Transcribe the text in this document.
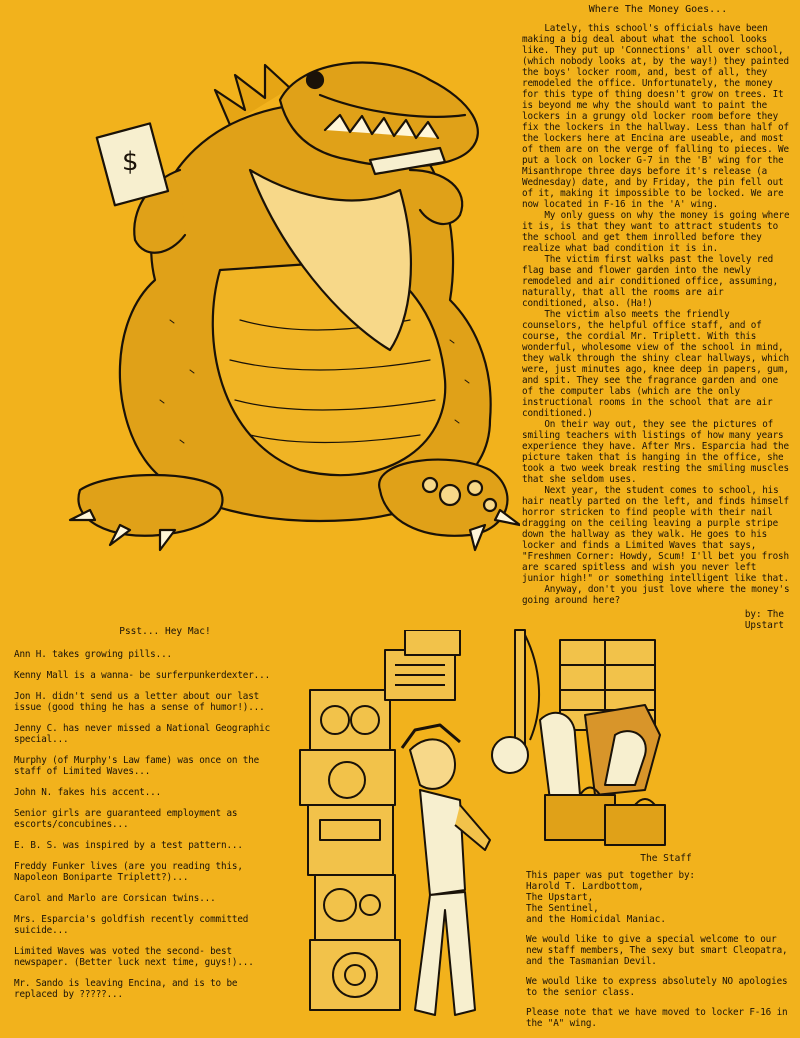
$
Where The Money Goes...

Lately, this school's officials have been making a big deal about what the school looks like. They put up 'Connections' all over school, (which nobody looks at, by the way!) they painted the boys' locker room, and, best of all, they remodeled the office. Unfortunately, the money for this type of thing doesn't grow on trees. It is beyond me why the should want to paint the lockers in a grungy old locker room before they fix the lockers in the hallway. Less than half of the lockers here at Encina are useable, and most of them are on the verge of falling to pieces. We put a lock on locker G-7 in the 'B' wing for the Misanthrope three days before it's release (a Wednesday) date, and by Friday, the pin fell out of it, making it impossible to be locked. We are now located in F-16 in the 'A' wing.

My only guess on why the money is going where it is, is that they want to attract students to the school and get them inrolled before they realize what bad condition it is in.

The victim first walks past the lovely red flag base and flower garden into the newly remodeled and air conditioned office, assuming, naturally, that all the rooms are air conditioned, also. (Ha!)

The victim also meets the friendly counselors, the helpful office staff, and of course, the cordial Mr. Triplett. With this wonderful, wholesome view of the school in mind, they walk through the shiny clear hallways, which were, just minutes ago, knee deep in papers, gum, and spit. They see the fragrance garden and one of the computer labs (which are the only instructional rooms in the school that are air conditioned.)

On their way out, they see the pictures of smiling teachers with listings of how many years experience they have. After Mrs. Esparcia had the picture taken that is hanging in the office, she took a two week break resting the smiling muscles that she seldom uses.

Next year, the student comes to school, his hair neatly parted on the left, and finds himself horror stricken to find people with their nail dragging on the ceiling leaving a purple stripe down the hallway as they walk. He goes to his locker and finds a Limited Waves that says, "Freshmen Corner: Howdy, Scum! I'll bet you frosh are scared spitless and wish you never left junior high!" or something intelligent like that.

Anyway, don't you just love where the money's going around here?

by: The
Upstart
Psst... Hey Mac!
Ann H. takes growing pills...
Kenny Mall is a wanna- be surferpunkerdexter...
Jon H. didn't send us a letter about our last issue (good thing he has a sense of humor!)...
Jenny C. has never missed a National Geographic special...
Murphy (of Murphy's Law fame) was once on the staff of Limited Waves...
John N. fakes his accent...
Senior girls are guaranteed employment as escorts/concubines...
E. B. S. was inspired by a test pattern...
Freddy Funker lives (are you reading this, Napoleon Boniparte Triplett?)...
Carol and Marlo are Corsican twins...
Mrs. Esparcia's goldfish recently committed suicide...
Limited Waves was voted the second- best newspaper. (Better luck next time, guys!)...
Mr. Sando is leaving Encina, and is to be replaced by ?????...
The Staff
This paper was put together by:
Harold T. Lardbottom,
The Upstart,
The Sentinel,
and the Homicidal Maniac.
We would like to give a special welcome to our new staff members, The sexy but smart Cleopatra, and the Tasmanian Devil.
We would like to express absolutely NO apologies to the senior class.
Please note that we have moved to locker F-16 in the "A" wing.
